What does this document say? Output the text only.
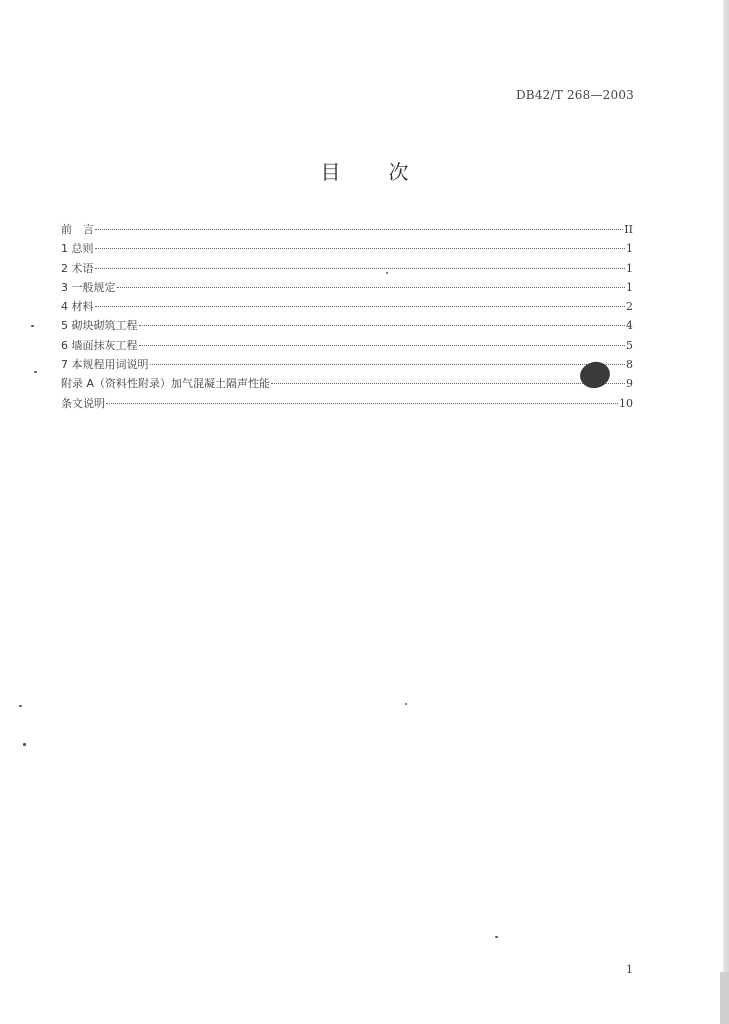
DB42/T 268—2003
目 次
前　言	II
1 总则	1
2 术语	1
3 一般规定	1
4 材料	2
5 砌块砌筑工程	4
6 墙面抹灰工程	5
7 本规程用词说明	8
附录 A（资料性附录）加气混凝土隔声性能	9
条文说明	10
1
